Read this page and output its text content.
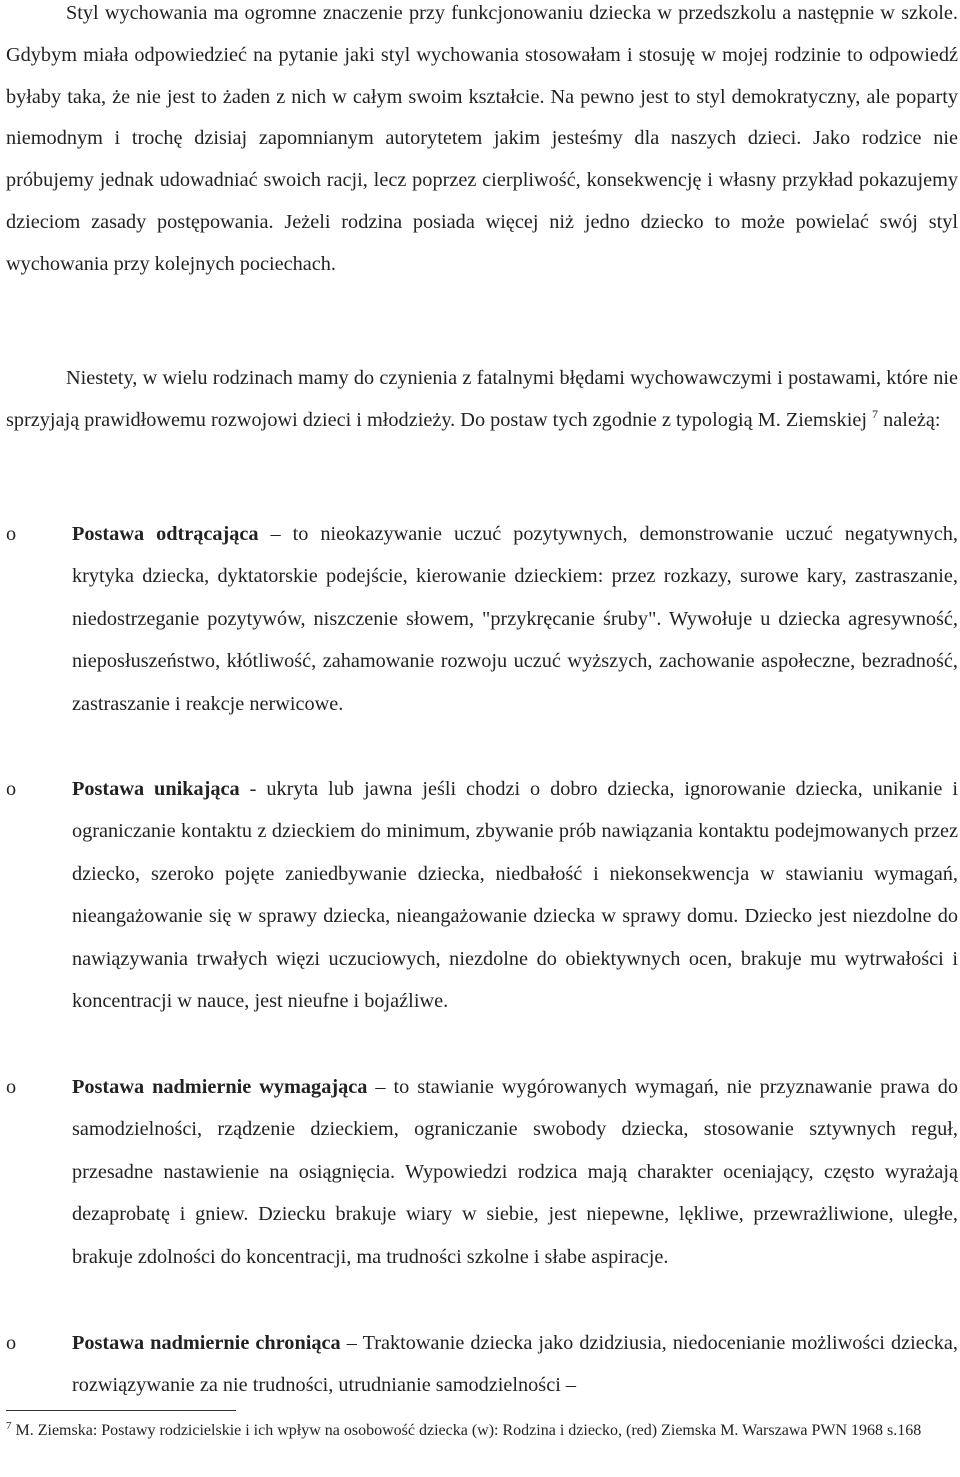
Styl wychowania ma ogromne znaczenie przy funkcjonowaniu dziecka w przedszkolu a następnie w szkole. Gdybym miała odpowiedzieć na pytanie jaki styl wychowania stosowałam i stosuję w mojej rodzinie to odpowiedź byłaby taka, że nie jest to żaden z nich w całym swoim kształcie. Na pewno jest to styl demokratyczny, ale poparty niemodnym i trochę dzisiaj zapomnianym autorytetem jakim jesteśmy dla naszych dzieci. Jako rodzice nie próbujemy jednak udowadniać swoich racji, lecz poprzez cierpliwość, konsekwencję i własny przykład pokazujemy dzieciom zasady postępowania. Jeżeli rodzina posiada więcej niż jedno dziecko to może powielać swój styl wychowania przy kolejnych pociechach.

Niestety, w wielu rodzinach mamy do czynienia z fatalnymi błędami wychowawczymi i postawami, które nie sprzyjają prawidłowemu rozwojowi dzieci i młodzieży. Do postaw tych zgodnie z typologią M. Ziemskiej $^7$ należą:

o	Postawa odtrącająca – to nieokazywanie uczuć pozytywnych, demonstrowanie uczuć negatywnych, krytyka dziecka, dyktatorskie podejście, kierowanie dzieckiem: przez rozkazy, surowe kary, zastraszanie, niedostrzeganie pozytywów, niszczenie słowem, "przykręcanie śruby". Wywołuje u dziecka agresywność, nieposłuszeństwo, kłótliwość, zahamowanie rozwoju uczuć wyższych, zachowanie aspołeczne, bezradność, zastraszanie i reakcje nerwicowe.

o	Postawa unikająca - ukryta lub jawna jeśli chodzi o dobro dziecka, ignorowanie dziecka, unikanie i ograniczanie kontaktu z dzieckiem do minimum, zbywanie prób nawiązania kontaktu podejmowanych przez dziecko, szeroko pojęte zaniedbywanie dziecka, niedbałość i niekonsekwencja w stawianiu wymagań, nieangażowanie się w sprawy dziecka, nieangażowanie dziecka w sprawy domu. Dziecko jest niezdolne do nawiązywania trwałych więzi uczuciowych, niezdolne do obiektywnych ocen, brakuje mu wytrwałości i koncentracji w nauce, jest nieufne i bojaźliwe.

o	Postawa nadmiernie wymagająca – to stawianie wygórowanych wymagań, nie przyznawanie prawa do samodzielności, rządzenie dzieckiem, ograniczanie swobody dziecka, stosowanie sztywnych reguł, przesadne nastawienie na osiągnięcia. Wypowiedzi rodzica mają charakter oceniający, często wyrażają dezaprobatę i gniew. Dziecku brakuje wiary w siebie, jest niepewne, lękliwe, przewrażliwione, uległe, brakuje zdolności do koncentracji, ma trudności szkolne i słabe aspiracje.

o	Postawa nadmiernie chroniąca – Traktowanie dziecka jako dzidziusia, niedocenianie możliwości dziecka, rozwiązywanie za nie trudności, utrudnianie samodzielności –

$^7$ M. Ziemska: Postawy rodzicielskie i ich wpływ na osobowość dziecka (w): Rodzina i dziecko, (red) Ziemska M. Warszawa PWN 1968 s.168
